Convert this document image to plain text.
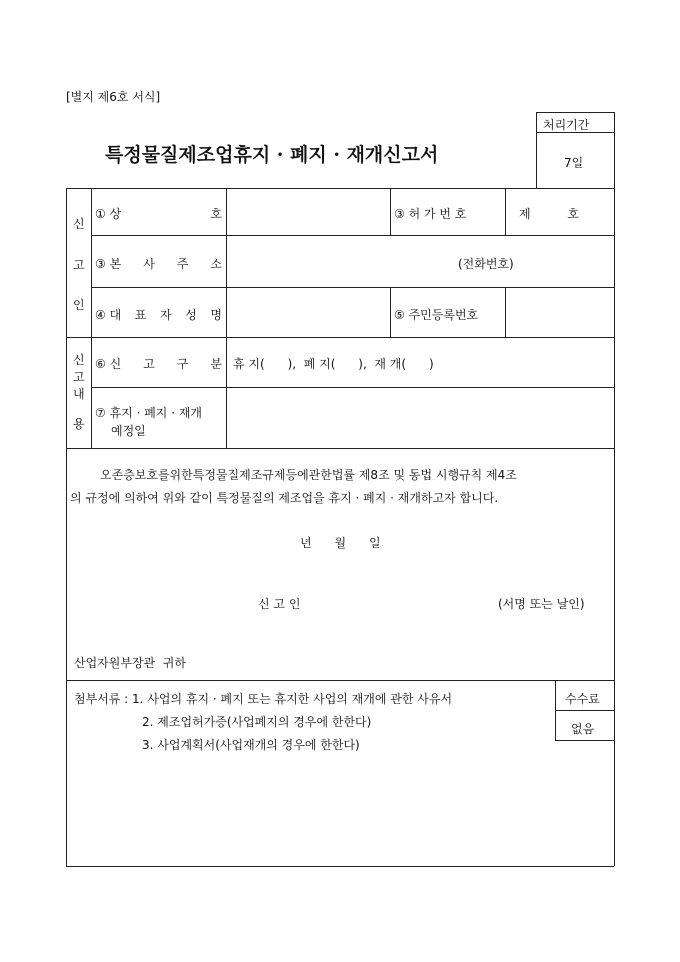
[별지 제6호 서식]
특정물질제조업휴지 · 폐지 · 재개신고서
처리기간
7일
신
고
인
① 상	호	③ 허 가 번 호	제	호
③ 본 사 주 소	(전화번호)
④ 대 표 자 성 명	⑤ 주민등록번호
신
고
내
용
⑥ 신 고 구 분 휴 지(      ),  폐 지(      ),  재 개(      )
⑦ 휴지 · 폐지 · 재개
예정일
오존층보호를위한특정물질제조규제등에관한법률 제8조 및 동법 시행규칙 제4조
의 규정에 의하여 위와 같이 특정물질의 제조업을 휴지 · 폐지 · 재개하고자 합니다.
년      월      일
신 고 인	(서명 또는 날인)
산업자원부장관  귀하
첨부서류 : 1. 사업의 휴지 · 폐지 또는 휴지한 사업의 재개에 관한 사유서
2. 제조업허가증(사업폐지의 경우에 한한다)
3. 사업계획서(사업재개의 경우에 한한다)
수수료
없음
